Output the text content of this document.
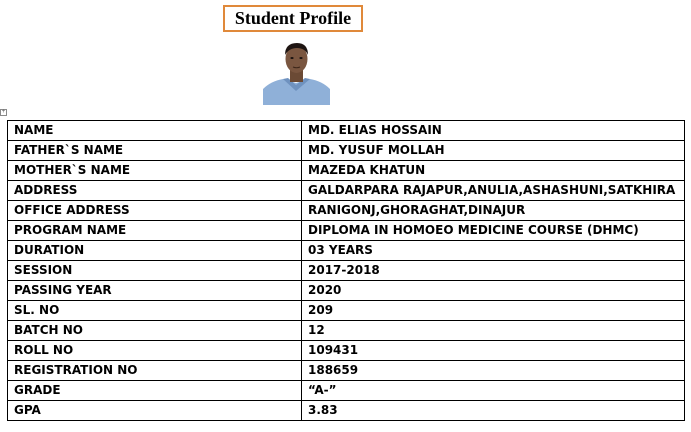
Student Profile
+
NAME	MD. ELIAS HOSSAIN
FATHER`S NAME	MD. YUSUF MOLLAH
MOTHER`S NAME	MAZEDA KHATUN
ADDRESS	GALDARPARA RAJAPUR,ANULIA,ASHASHUNI,SATKHIRA
OFFICE ADDRESS	RANIGONJ,GHORAGHAT,DINAJUR
PROGRAM NAME	DIPLOMA IN HOMOEO MEDICINE COURSE (DHMC)
DURATION	03 YEARS
SESSION	2017-2018
PASSING YEAR	2020
SL. NO	209
BATCH NO	12
ROLL NO	109431
REGISTRATION NO	188659
GRADE	“A-”
GPA	3.83
